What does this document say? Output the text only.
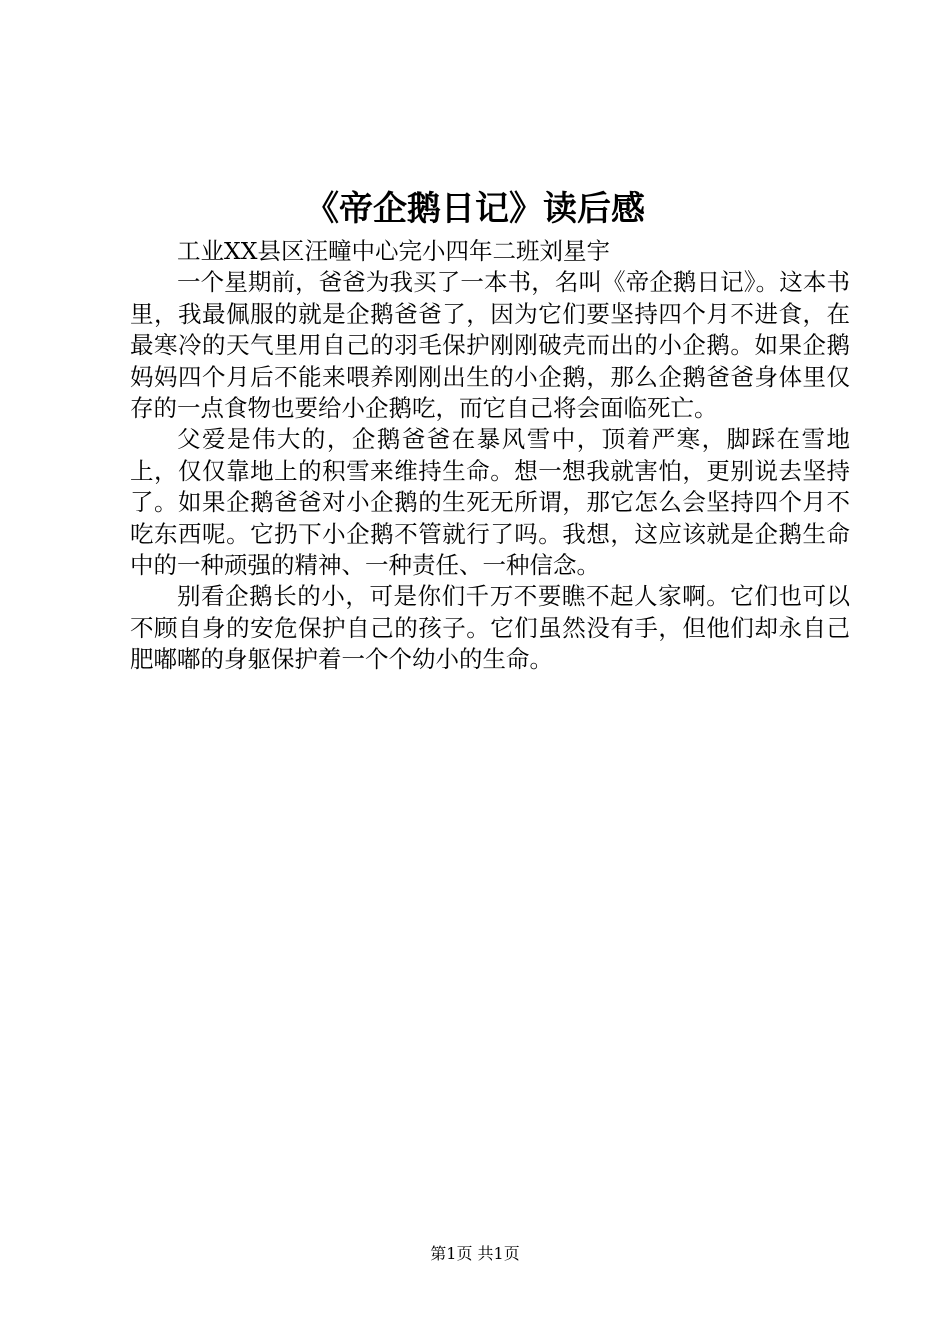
《帝企鹅日记》读后感

工业XX县区汪疃中心完小四年二班刘星宇

一个星期前，爸爸为我买了一本书，名叫《帝企鹅日记》。这本书里，我最佩服的就是企鹅爸爸了，因为它们要坚持四个月不进食，在最寒冷的天气里用自己的羽毛保护刚刚破壳而出的小企鹅。如果企鹅妈妈四个月后不能来喂养刚刚出生的小企鹅，那么企鹅爸爸身体里仅存的一点食物也要给小企鹅吃，而它自己将会面临死亡。

父爱是伟大的，企鹅爸爸在暴风雪中，顶着严寒，脚踩在雪地上，仅仅靠地上的积雪来维持生命。想一想我就害怕，更别说去坚持了。如果企鹅爸爸对小企鹅的生死无所谓，那它怎么会坚持四个月不吃东西呢。它扔下小企鹅不管就行了吗。我想，这应该就是企鹅生命中的一种顽强的精神、一种责任、一种信念。

别看企鹅长的小，可是你们千万不要瞧不起人家啊。它们也可以不顾自身的安危保护自己的孩子。它们虽然没有手，但他们却永自己肥嘟嘟的身躯保护着一个个幼小的生命。

第1页 共1页
